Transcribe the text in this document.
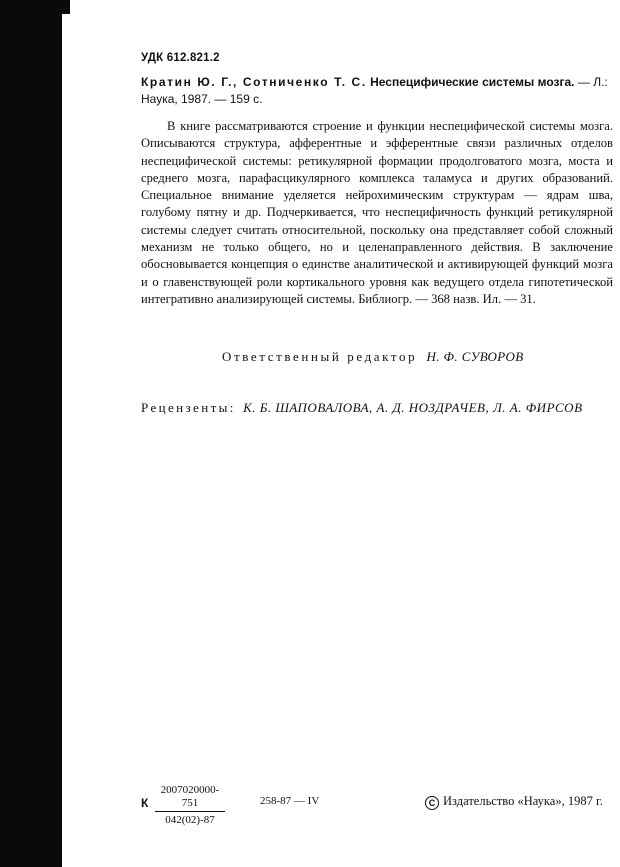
УДК 612.821.2
Кратин Ю. Г., Сотниченко Т. С. Неспецифические системы мозга. — Л.: Наука, 1987. — 159 с.

В книге рассматриваются строение и функции неспецифической системы мозга. Описываются структура, афферентные и эфферентные связи различных отделов неспецифической системы: ретикулярной формации продолговатого мозга, моста и среднего мозга, парафасцикулярного комплекса таламуса и других образований. Специальное внимание уделяется нейрохимическим структурам — ядрам шва, голубому пятну и др. Подчеркивается, что неспецифичность функций ретикулярной системы следует считать относительной, поскольку она представляет собой сложный механизм не только общего, но и целенаправленного действия. В заключение обосновывается концепция о единстве аналитической и активирующей функций мозга и о главенствующей роли кортикального уровня как ведущего отдела гипотетической интегративно анализирующей системы. Библиогр. — 368 назв. Ил. — 31.

Ответственный редактор Н. Ф. СУВОРОВ
Рецензенты: К. Б. ШАПОВАЛОВА, А. Д. НОЗДРАЧЕВ, Л. А. ФИРСОВ
К $\frac{2007020000-751}{042(02)-87}$	258-87 — IV	C Издательство «Наука», 1987 г.
